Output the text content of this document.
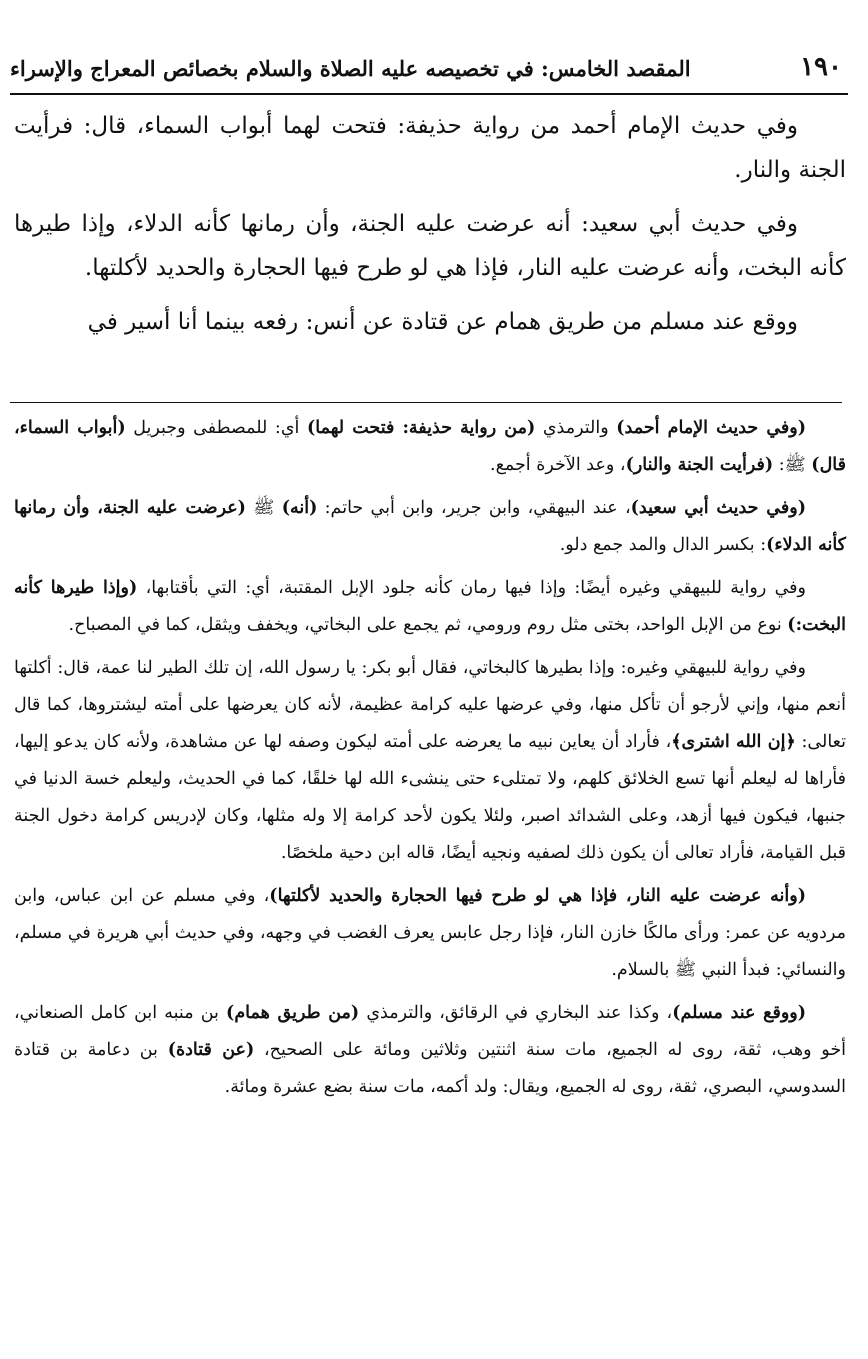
١٩٠
المقصد الخامس: في تخصيصه عليه الصلاة والسلام بخصائص المعراج والإسراء

وفي حديث الإمام أحمد من رواية حذيفة: فتحت لهما أبواب السماء، قال: فرأيت الجنة والنار.

وفي حديث أبي سعيد: أنه عرضت عليه الجنة، وأن رمانها كأنه الدلاء، وإذا طيرها كأنه البخت، وأنه عرضت عليه النار، فإذا هي لو طرح فيها الحجارة والحديد لأكلتها.

ووقع عند مسلم من طريق همام عن قتادة عن أنس: رفعه بينما أنا أسير في

(وفي حديث الإمام أحمد) والترمذي (من رواية حذيفة: فتحت لهما) أي: للمصطفى وجبريل (أبواب السماء، قال) ﷺ: (فرأيت الجنة والنار)، وعد الآخرة أجمع.

(وفي حديث أبي سعيد)، عند البيهقي، وابن جرير، وابن أبي حاتم: (أنه) ﷺ (عرضت عليه الجنة، وأن رمانها كأنه الدلاء): بكسر الدال والمد جمع دلو.

وفي رواية للبيهقي وغيره أيضًا: وإذا فيها رمان كأنه جلود الإبل المقتبة، أي: التي بأقتابها، (وإذا طيرها كأنه البخت:) نوع من الإبل الواحد، بختى مثل روم ورومي، ثم يجمع على البخاتي، ويخفف ويثقل، كما في المصباح.

وفي رواية للبيهقي وغيره: وإذا بطيرها كالبخاتي، فقال أبو بكر: يا رسول الله، إن تلك الطير لنا عمة، قال: أكلتها أنعم منها، وإني لأرجو أن تأكل منها، وفي عرضها عليه كرامة عظيمة، لأنه كان يعرضها على أمته ليشتروها، كما قال تعالى: ﴿إن الله اشترى﴾، فأراد أن يعاين نبيه ما يعرضه على أمته ليكون وصفه لها عن مشاهدة، ولأنه كان يدعو إليها، فأراها له ليعلم أنها تسع الخلائق كلهم، ولا تمتلىء حتى ينشىء الله لها خلقًا، كما في الحديث، وليعلم خسة الدنيا في جنبها، فيكون فيها أزهد، وعلى الشدائد اصبر، ولئلا يكون لأحد كرامة إلا وله مثلها، وكان لإدريس كرامة دخول الجنة قبل القيامة، فأراد تعالى أن يكون ذلك لصفيه ونجيه أيضًا، قاله ابن دحية ملخصًا.

(وأنه عرضت عليه النار، فإذا هي لو طرح فيها الحجارة والحديد لأكلتها)، وفي مسلم عن ابن عباس، وابن مردويه عن عمر: ورأى مالكًا خازن النار، فإذا رجل عابس يعرف الغضب في وجهه، وفي حديث أبي هريرة في مسلم، والنسائي: فبدأ النبي ﷺ بالسلام.

(ووقع عند مسلم)، وكذا عند البخاري في الرقائق، والترمذي (من طريق همام) بن منبه ابن كامل الصنعاني، أخو وهب، ثقة، روى له الجميع، مات سنة اثنتين وثلاثين ومائة على الصحيح، (عن قتادة) بن دعامة بن قتادة السدوسي، البصري، ثقة، روى له الجميع، ويقال: ولد أكمه، مات سنة بضع عشرة ومائة.
